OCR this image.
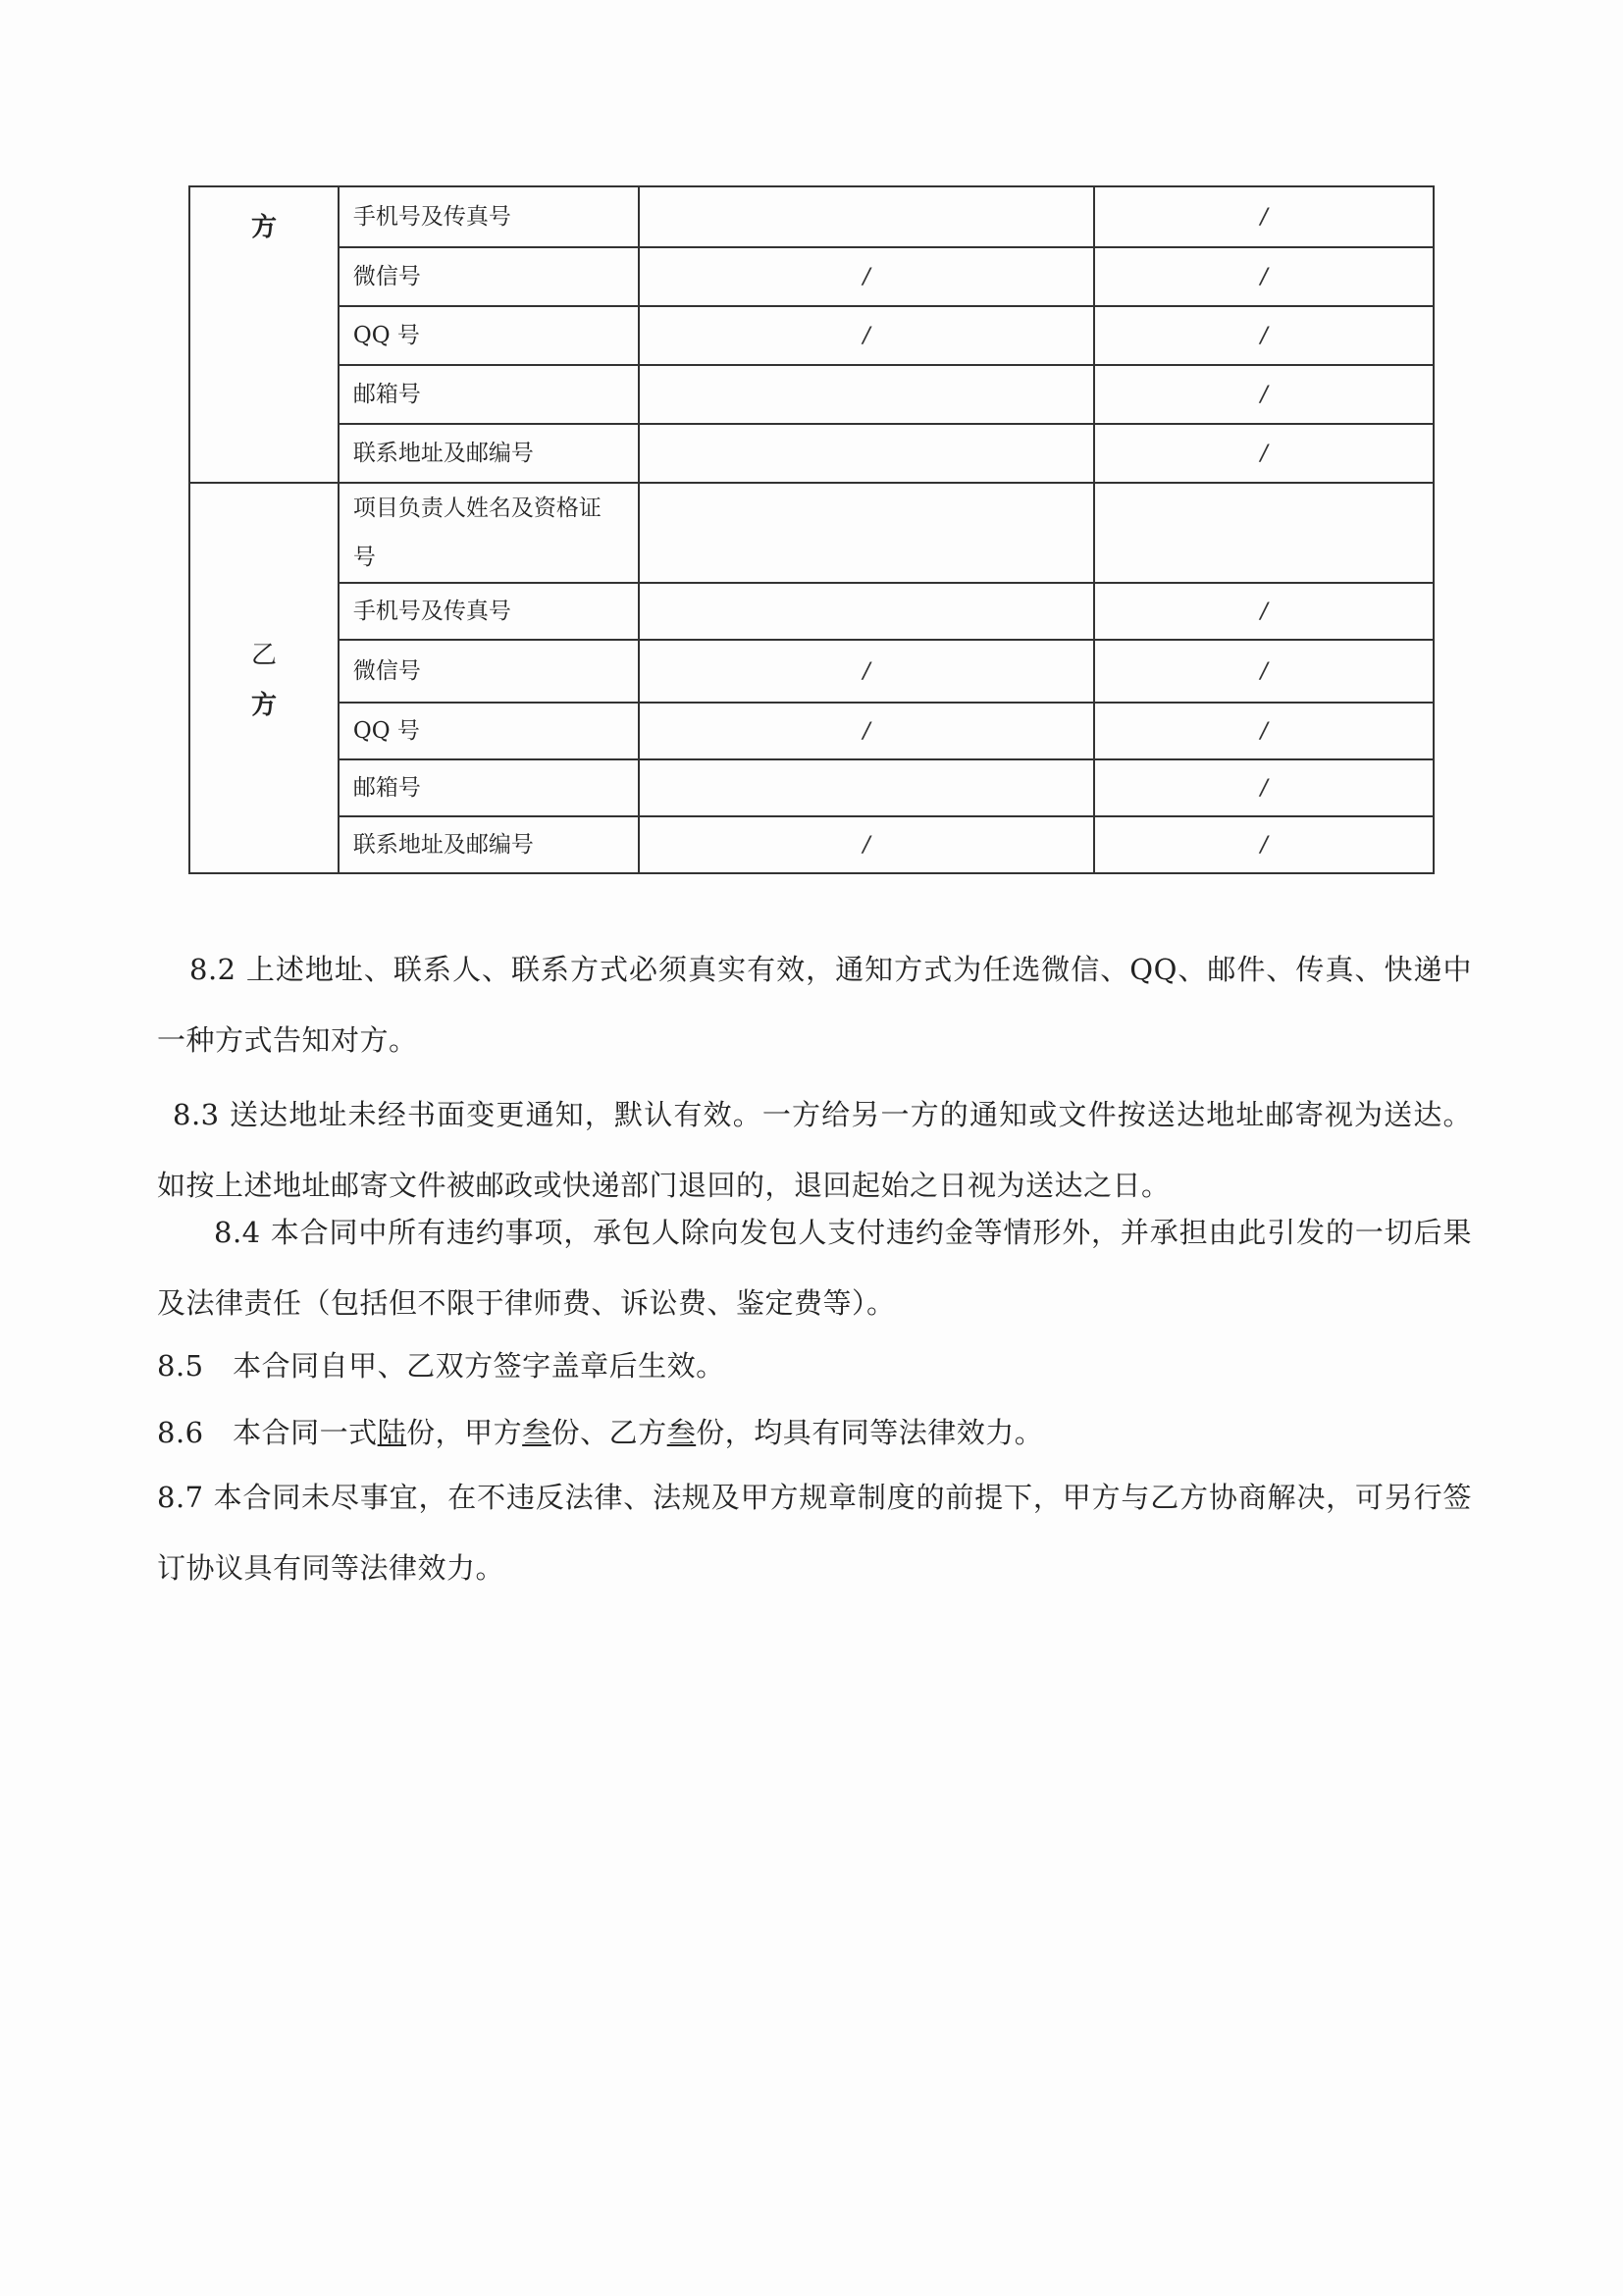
方	手机号及传真号		/
	微信号	/	/
	QQ 号	/	/
	邮箱号		/
	联系地址及邮编号		/

乙
方	项目负责人姓名及资格证号		
	手机号及传真号		/
	微信号	/	/
	QQ 号	/	/
	邮箱号		/
	联系地址及邮编号	/	/

8.2 上述地址、联系人、联系方式必须真实有效，通知方式为任选微信、QQ、邮件、传真、快递中一种方式告知对方。

8.3 送达地址未经书面变更通知，默认有效。一方给另一方的通知或文件按送达地址邮寄视为送达。如按上述地址邮寄文件被邮政或快递部门退回的，退回起始之日视为送达之日。

8.4 本合同中所有违约事项，承包人除向发包人支付违约金等情形外，并承担由此引发的一切后果及法律责任（包括但不限于律师费、诉讼费、鉴定费等）。

8.5　本合同自甲、乙双方签字盖章后生效。

8.6　本合同一式陆份，甲方叁份、乙方叁份，均具有同等法律效力。

8.7 本合同未尽事宜，在不违反法律、法规及甲方规章制度的前提下，甲方与乙方协商解决，可另行签订协议具有同等法律效力。
